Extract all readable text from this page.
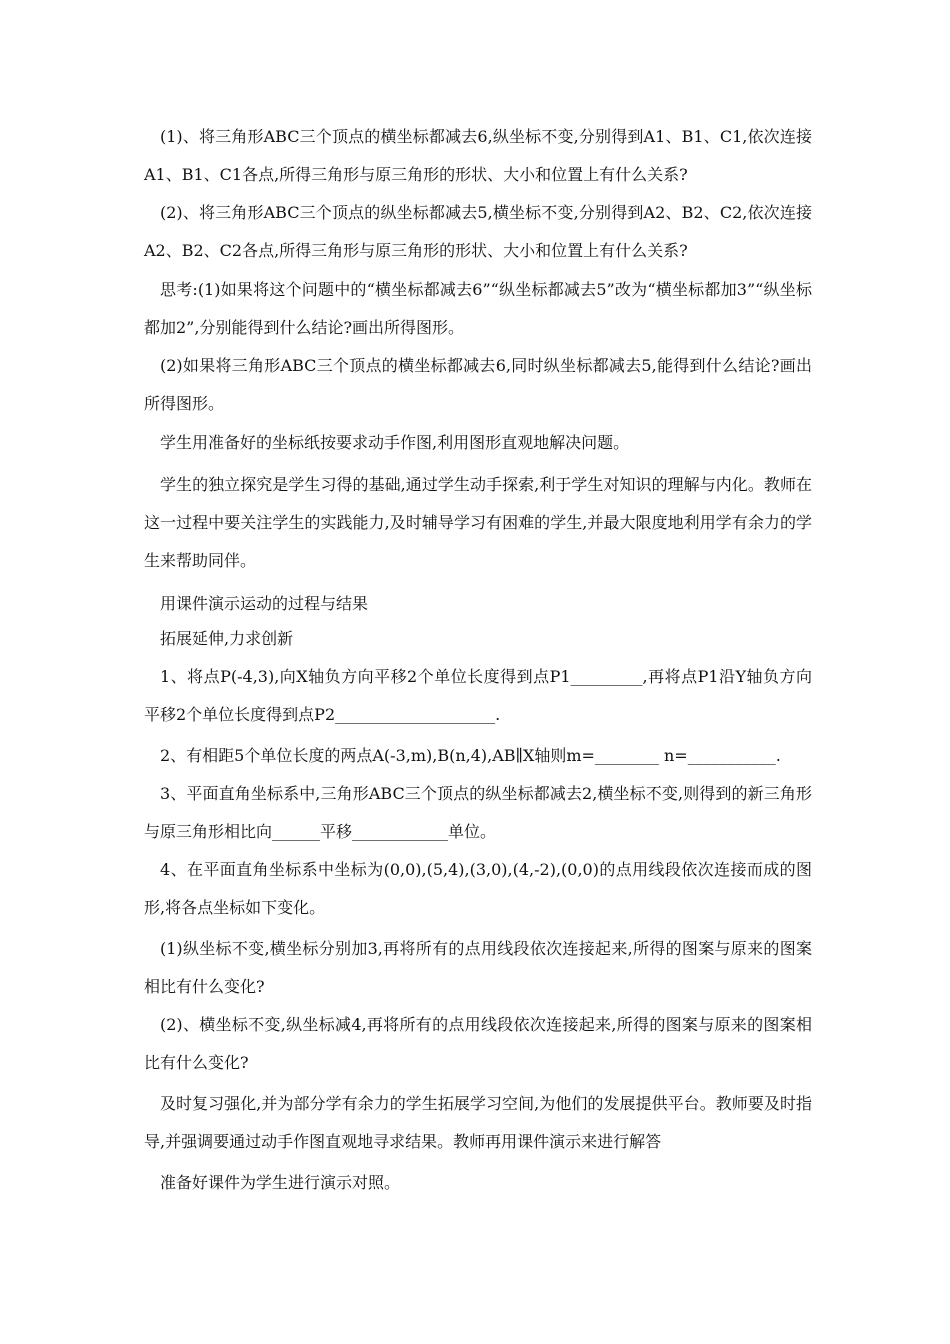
(1)、将三角形ABC三个顶点的横坐标都减去6,纵坐标不变,分别得到A1、B1、C1,依次连接A1、B1、C1各点,所得三角形与原三角形的形状、大小和位置上有什么关系?

(2)、将三角形ABC三个顶点的纵坐标都减去5,横坐标不变,分别得到A2、B2、C2,依次连接A2、B2、C2各点,所得三角形与原三角形的形状、大小和位置上有什么关系?

思考:(1)如果将这个问题中的“横坐标都减去6”“纵坐标都减去5”改为“横坐标都加3”“纵坐标都加2”,分别能得到什么结论?画出所得图形。

(2)如果将三角形ABC三个顶点的横坐标都减去6,同时纵坐标都减去5,能得到什么结论?画出所得图形。

学生用准备好的坐标纸按要求动手作图,利用图形直观地解决问题。

学生的独立探究是学生习得的基础,通过学生动手探索,利于学生对知识的理解与内化。教师在这一过程中要关注学生的实践能力,及时辅导学习有困难的学生,并最大限度地利用学有余力的学生来帮助同伴。

用课件演示运动的过程与结果

拓展延伸,力求创新

1、将点P(-4,3),向X轴负方向平移2个单位长度得到点P1_________,再将点P1沿Y轴负方向平移2个单位长度得到点P2____________________.

2、有相距5个单位长度的两点A(-3,m),B(n,4),AB∥X轴则m=________ n=___________.

3、平面直角坐标系中,三角形ABC三个顶点的纵坐标都减去2,横坐标不变,则得到的新三角形与原三角形相比向______平移____________单位。

4、在平面直角坐标系中坐标为(0,0),(5,4),(3,0),(4,-2),(0,0)的点用线段依次连接而成的图形,将各点坐标如下变化。

(1)纵坐标不变,横坐标分别加3,再将所有的点用线段依次连接起来,所得的图案与原来的图案相比有什么变化?

(2)、横坐标不变,纵坐标减4,再将所有的点用线段依次连接起来,所得的图案与原来的图案相比有什么变化?

及时复习强化,并为部分学有余力的学生拓展学习空间,为他们的发展提供平台。教师要及时指导,并强调要通过动手作图直观地寻求结果。教师再用课件演示来进行解答

准备好课件为学生进行演示对照。
